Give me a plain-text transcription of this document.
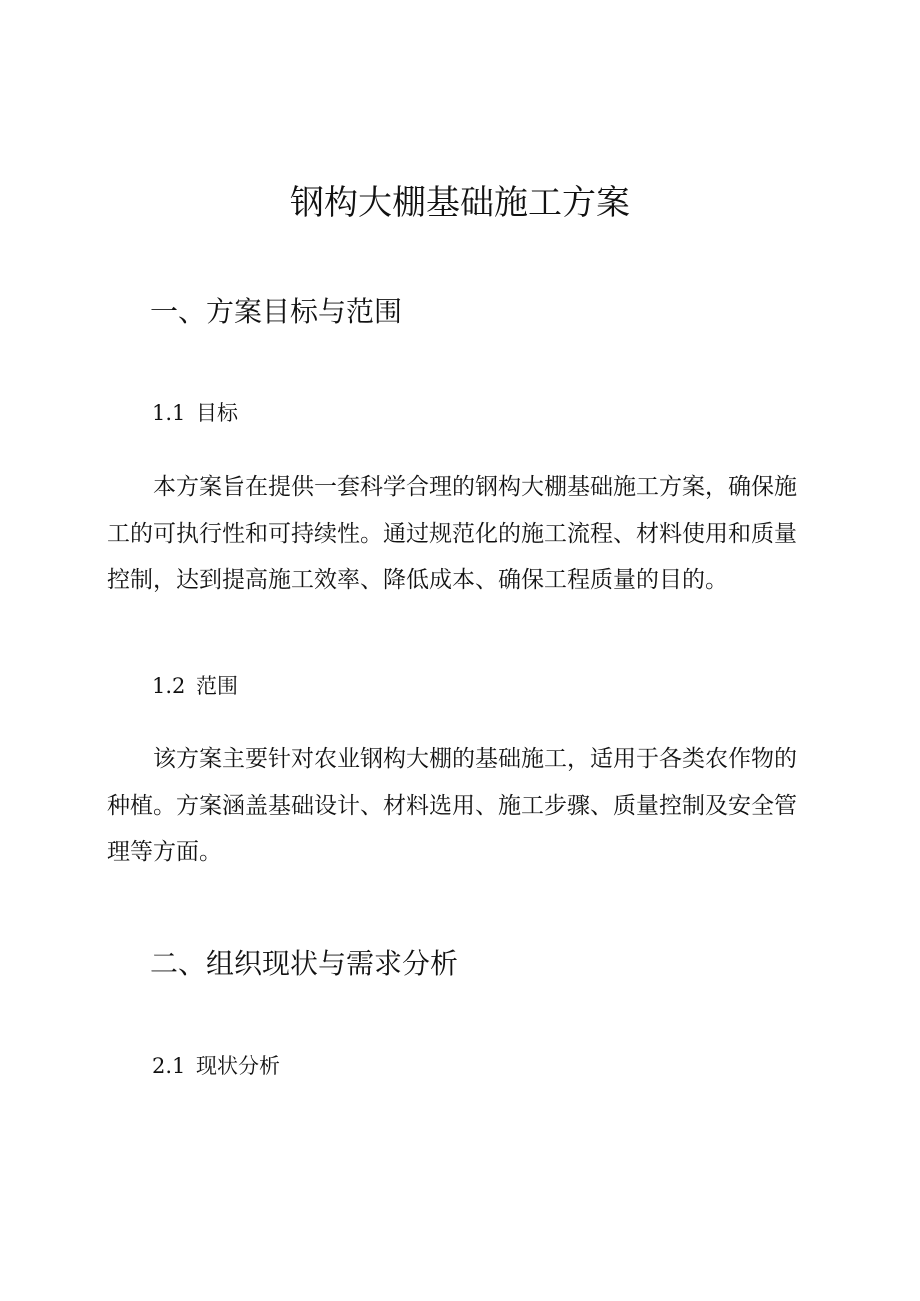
钢构大棚基础施工方案
一、方案目标与范围
1.1 目标
本方案旨在提供一套科学合理的钢构大棚基础施工方案，确保施
工的可执行性和可持续性。通过规范化的施工流程、材料使用和质量
控制，达到提高施工效率、降低成本、确保工程质量的目的。
1.2 范围
该方案主要针对农业钢构大棚的基础施工，适用于各类农作物的
种植。方案涵盖基础设计、材料选用、施工步骤、质量控制及安全管
理等方面。
二、组织现状与需求分析
2.1 现状分析
